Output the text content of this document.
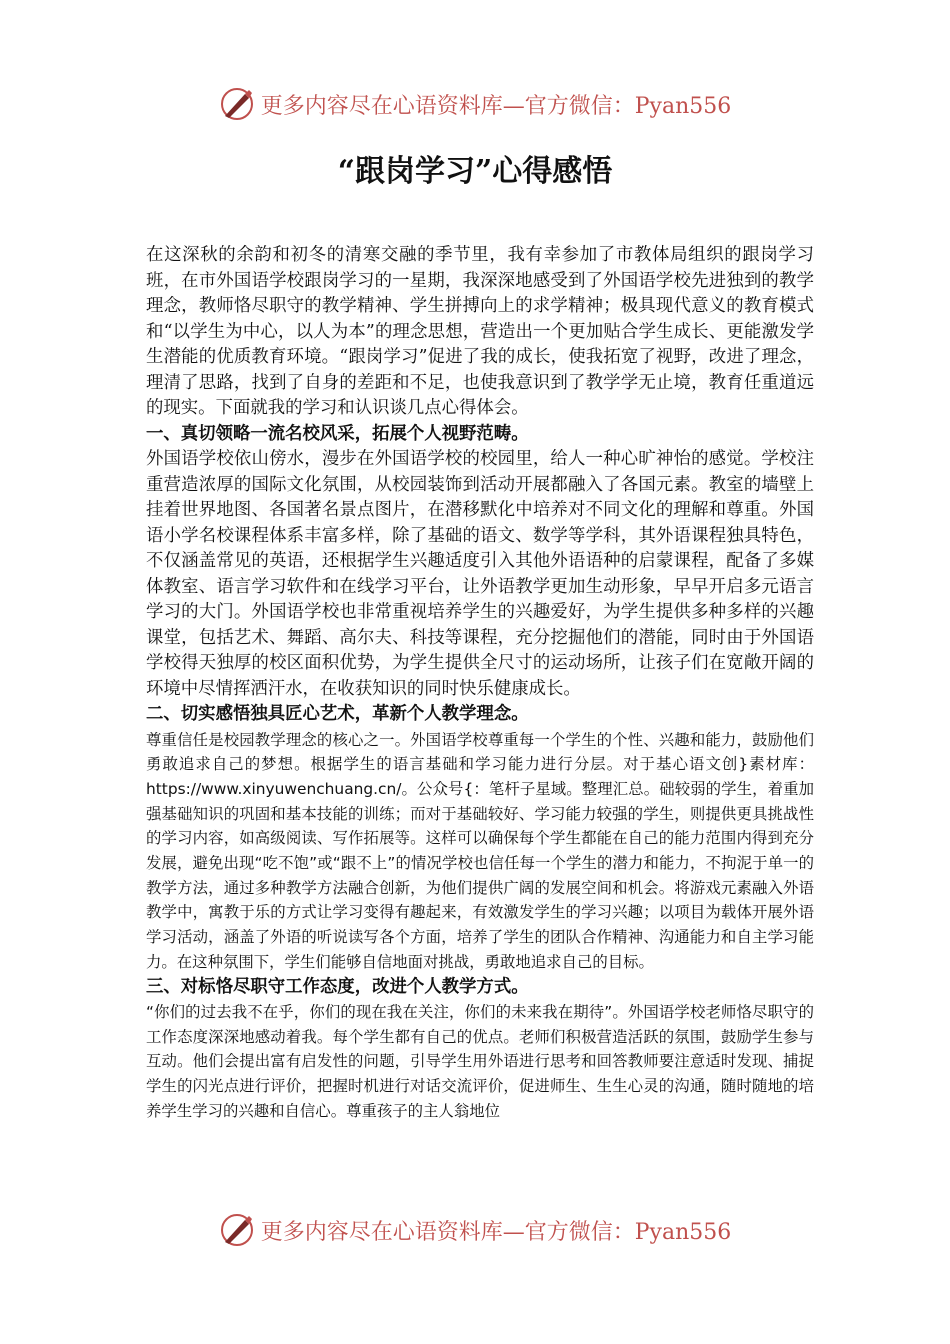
更多内容尽在心语资料库—官方微信：Pyan556
“跟岗学习”心得感悟

在这深秋的余韵和初冬的清寒交融的季节里，我有幸参加了市教体局组织的跟岗学习班，在市外国语学校跟岗学习的一星期，我深深地感受到了外国语学校先进独到的教学理念，教师恪尽职守的教学精神、学生拼搏向上的求学精神；极具现代意义的教育模式和“以学生为中心，以人为本”的理念思想，营造出一个更加贴合学生成长、更能激发学生潜能的优质教育环境。“跟岗学习”促进了我的成长，使我拓宽了视野，改进了理念，理清了思路，找到了自身的差距和不足，也使我意识到了教学学无止境，教育任重道远的现实。下面就我的学习和认识谈几点心得体会。

一、真切领略一流名校风采，拓展个人视野范畴。

外国语学校依山傍水，漫步在外国语学校的校园里，给人一种心旷神怡的感觉。学校注重营造浓厚的国际文化氛围，从校园装饰到活动开展都融入了各国元素。教室的墙壁上挂着世界地图、各国著名景点图片，在潜移默化中培养对不同文化的理解和尊重。外国语小学名校课程体系丰富多样，除了基础的语文、数学等学科，其外语课程独具特色，不仅涵盖常见的英语，还根据学生兴趣适度引入其他外语语种的启蒙课程，配备了多媒体教室、语言学习软件和在线学习平台，让外语教学更加生动形象，早早开启多元语言学习的大门。外国语学校也非常重视培养学生的兴趣爱好，为学生提供多种多样的兴趣课堂，包括艺术、舞蹈、高尔夫、科技等课程，充分挖掘他们的潜能，同时由于外国语学校得天独厚的校区面积优势，为学生提供全尺寸的运动场所，让孩子们在宽敞开阔的环境中尽情挥洒汗水，在收获知识的同时快乐健康成长。

二、切实感悟独具匠心艺术，革新个人教学理念。

尊重信任是校园教学理念的核心之一。外国语学校尊重每一个学生的个性、兴趣和能力，鼓励他们勇敢追求自己的梦想。根据学生的语言基础和学习能力进行分层。对于基心语文创}素材库：https://www.xinyuwenchuang.cn/。公众号{：笔杆子星域。整理汇总。础较弱的学生，着重加强基础知识的巩固和基本技能的训练；而对于基础较好、学习能力较强的学生，则提供更具挑战性的学习内容，如高级阅读、写作拓展等。这样可以确保每个学生都能在自己的能力范围内得到充分发展，避免出现“吃不饱”或“跟不上”的情况学校也信任每一个学生的潜力和能力，不拘泥于单一的教学方法，通过多种教学方法融合创新，为他们提供广阔的发展空间和机会。将游戏元素融入外语教学中，寓教于乐的方式让学习变得有趣起来，有效激发学生的学习兴趣；以项目为载体开展外语学习活动，涵盖了外语的听说读写各个方面，培养了学生的团队合作精神、沟通能力和自主学习能力。在这种氛围下，学生们能够自信地面对挑战，勇敢地追求自己的目标。

三、对标恪尽职守工作态度，改进个人教学方式。

“你们的过去我不在乎，你们的现在我在关注，你们的未来我在期待”。外国语学校老师恪尽职守的工作态度深深地感动着我。每个学生都有自己的优点。老师们积极营造活跃的氛围，鼓励学生参与互动。他们会提出富有启发性的问题，引导学生用外语进行思考和回答教师要注意适时发现、捕捉学生的闪光点进行评价，把握时机进行对话交流评价，促进师生、生生心灵的沟通，随时随地的培养学生学习的兴趣和自信心。尊重孩子的主人翁地位

更多内容尽在心语资料库—官方微信：Pyan556
